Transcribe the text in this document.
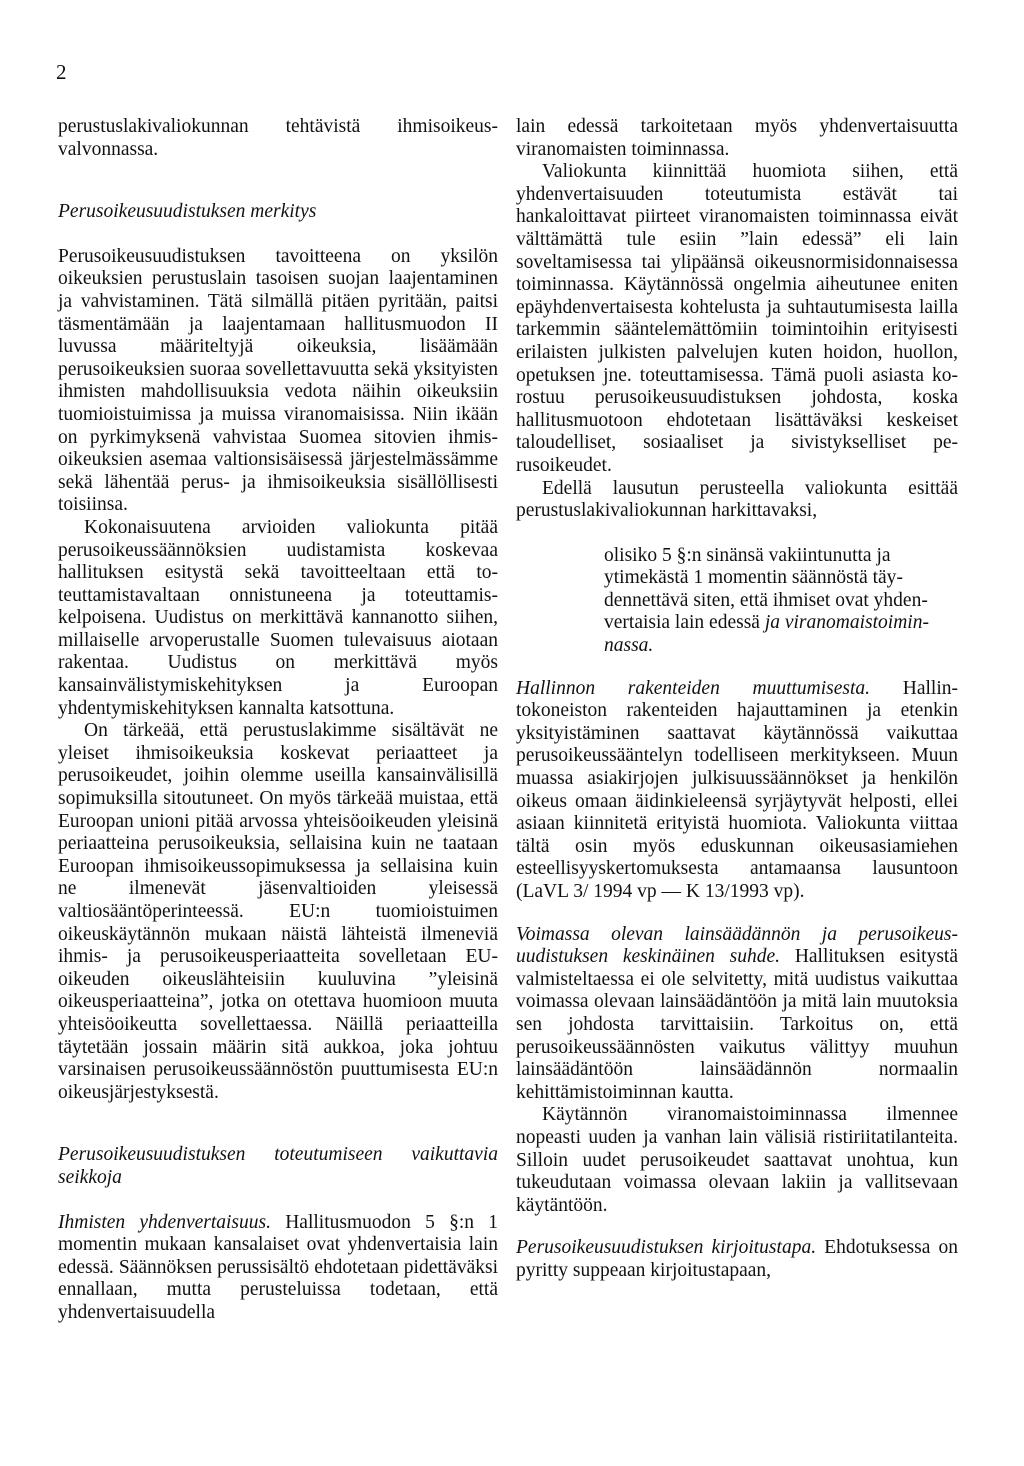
2

perustuslakivaliokunnan tehtävistä ihmisoikeusvalvonnassa.

Perusoikeusuudistuksen merkitys

Perusoikeusuudistuksen tavoitteena on yksilön oikeuksien perustuslain tasoisen suojan laajentaminen ja vahvistaminen. Tätä silmällä pitäen pyritään, paitsi täsmentämään ja laajentamaan hallitusmuodon II luvussa määriteltyjä oikeuksia, lisäämään perusoikeuksien suoraa sovellettavuutta sekä yksityisten ihmisten mahdollisuuksia vedota näihin oikeuksiin tuomioistuimissa ja muissa viranomaisissa. Niin ikään on pyrkimyksenä vahvistaa Suomea sitovien ihmisoikeuksien asemaa valtionsisäisessä järjestelmässämme sekä lähentää perus- ja ihmisoikeuksia sisällöllisesti toisiinsa.

Kokonaisuutena arvioiden valiokunta pitää perusoikeussäännöksien uudistamista koskevaa hallituksen esitystä sekä tavoitteeltaan että toteuttamistavaltaan onnistuneena ja toteuttamiskelpoisena. Uudistus on merkittävä kannanotto siihen, millaiselle arvoperustalle Suomen tulevaisuus aiotaan rakentaa. Uudistus on merkittävä myös kansainvälistymiskehityksen ja Euroopan yhdentymiskehityksen kannalta katsottuna.

On tärkeää, että perustuslakimme sisältävät ne yleiset ihmisoikeuksia koskevat periaatteet ja perusoikeudet, joihin olemme useilla kansainvälisillä sopimuksilla sitoutuneet. On myös tärkeää muistaa, että Euroopan unioni pitää arvossa yhteisöoikeuden yleisinä periaatteina perusoikeuksia, sellaisina kuin ne taataan Euroopan ihmisoikeussopimuksessa ja sellaisina kuin ne ilmenevät jäsenvaltioiden yleisessä valtiosääntöperinteessä. EU:n tuomioistuimen oikeuskäytännön mukaan näistä lähteistä ilmeneviä ihmis- ja perusoikeusperiaatteita sovelletaan EU-oikeuden oikeuslähteisiin kuuluvina ”yleisinä oikeusperiaatteina”, jotka on otettava huomioon muuta yhteisöoikeutta sovellettaessa. Näillä periaatteilla täytetään jossain määrin sitä aukkoa, joka johtuu varsinaisen perusoikeussäännöstön puuttumisesta EU:n oikeusjärjestyksestä.

Perusoikeusuudistuksen toteutumiseen vaikuttavia seikkoja

Ihmisten yhdenvertaisuus. Hallitusmuodon 5 §:n 1 momentin mukaan kansalaiset ovat yhdenvertaisia lain edessä. Säännöksen perussisältö ehdotetaan pidettäväksi ennallaan, mutta perusteluissa todetaan, että yhdenvertaisuudella

lain edessä tarkoitetaan myös yhdenvertaisuutta viranomaisten toiminnassa.

Valiokunta kiinnittää huomiota siihen, että yhdenvertaisuuden toteutumista estävät tai hankaloittavat piirteet viranomaisten toiminnassa eivät välttämättä tule esiin ”lain edessä” eli lain soveltamisessa tai ylipäänsä oikeusnormisidonnaisessa toiminnassa. Käytännössä ongelmia aiheutunee eniten epäyhdenvertaisesta kohtelusta ja suhtautumisesta lailla tarkemmin sääntelemättömiin toimintoihin erityisesti erilaisten julkisten palvelujen kuten hoidon, huollon, opetuksen jne. toteuttamisessa. Tämä puoli asiasta korostuu perusoikeusuudistuksen johdosta, koska hallitusmuotoon ehdotetaan lisättäväksi keskeiset taloudelliset, sosiaaliset ja sivistykselliset perusoikeudet.

Edellä lausutun perusteella valiokunta esittää perustuslakivaliokunnan harkittavaksi,

olisiko 5 §:n sinänsä vakiintunutta ja ytimekästä 1 momentin säännöstä täydennettävä siten, että ihmiset ovat yhdenvertaisia lain edessä ja viranomaistoiminnassa.

Hallinnon rakenteiden muuttumisesta. Hallintokoneiston rakenteiden hajauttaminen ja etenkin yksityistäminen saattavat käytännössä vaikuttaa perusoikeussääntelyn todelliseen merkitykseen. Muun muassa asiakirjojen julkisuussäännökset ja henkilön oikeus omaan äidinkieleensä syrjäytyvät helposti, ellei asiaan kiinnitetä erityistä huomiota. Valiokunta viittaa tältä osin myös eduskunnan oikeusasiamiehen esteellisyyskertomuksesta antamaansa lausuntoon (LaVL 3/ 1994 vp — K 13/1993 vp).

Voimassa olevan lainsäädännön ja perusoikeusuudistuksen keskinäinen suhde. Hallituksen esitystä valmisteltaessa ei ole selvitetty, mitä uudistus vaikuttaa voimassa olevaan lainsäädäntöön ja mitä lain muutoksia sen johdosta tarvittaisiin. Tarkoitus on, että perusoikeussäännösten vaikutus välittyy muuhun lainsäädäntöön lainsäädännön normaalin kehittämistoiminnan kautta.

Käytännön viranomaistoiminnassa ilmennee nopeasti uuden ja vanhan lain välisiä ristiriitatilanteita. Silloin uudet perusoikeudet saattavat unohtua, kun tukeudutaan voimassa olevaan lakiin ja vallitsevaan käytäntöön.

Perusoikeusuudistuksen kirjoitustapa. Ehdotuksessa on pyritty suppeaan kirjoitustapaan,
